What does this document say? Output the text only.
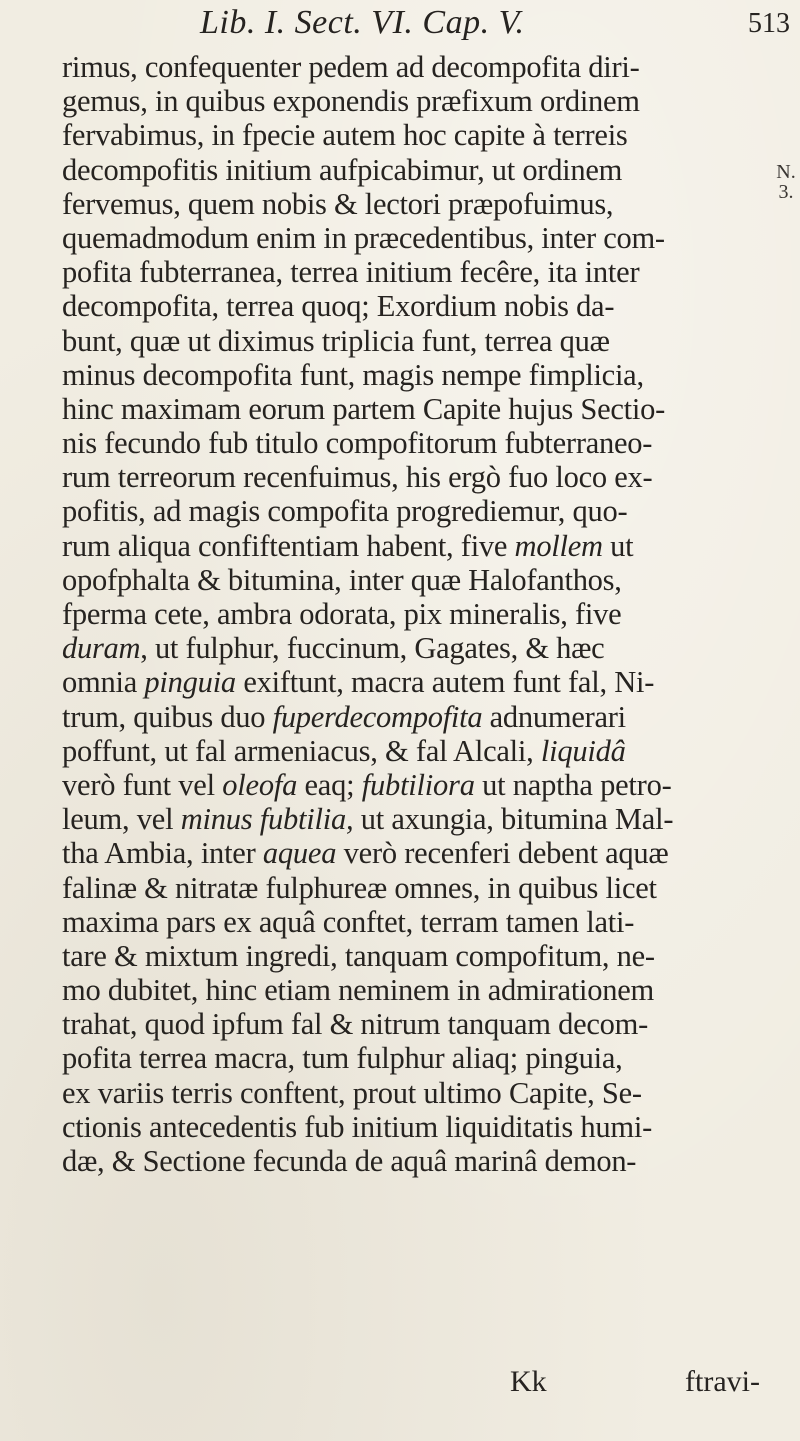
Lib. I. Sect. VI. Cap. V.	513
N.
3.
rimus, confequenter pedem ad decompofita diri-
gemus, in quibus exponendis præfixum ordinem
fervabimus, in fpecie autem hoc capite à terreis
decompofitis initium aufpicabimur, ut ordinem
fervemus, quem nobis & lectori præpofuimus,
quemadmodum enim in præcedentibus, inter com-
pofita fubterranea, terrea initium fecêre, ita inter
decompofita, terrea quoq; Exordium nobis da-
bunt, quæ ut diximus triplicia funt, terrea quæ
minus decompofita funt, magis nempe fimplicia,
hinc maximam eorum partem Capite hujus Sectio-
nis fecundo fub titulo compofitorum fubterraneo-
rum terreorum recenfuimus, his ergò fuo loco ex-
pofitis, ad magis compofita progrediemur, quo-
rum aliqua confiftentiam habent, five mollem ut
opofphalta & bitumina, inter quæ Halofanthos,
fperma cete, ambra odorata, pix mineralis, five
duram, ut fulphur, fuccinum, Gagates, & hæc
omnia pinguia exiftunt, macra autem funt fal, Ni-
trum, quibus duo fuperdecompofita adnumerari
poffunt, ut fal armeniacus, & fal Alcali, liquidâ
verò funt vel oleofa eaq; fubtiliora ut naptha petro-
leum, vel minus fubtilia, ut axungia, bitumina Mal-
tha Ambia, inter aquea verò recenferi debent aquæ
falinæ & nitratæ fulphureæ omnes, in quibus licet
maxima pars ex aquâ conftet, terram tamen lati-
tare & mixtum ingredi, tanquam compofitum, ne-
mo dubitet, hinc etiam neminem in admirationem
trahat, quod ipfum fal & nitrum tanquam decom-
pofita terrea macra, tum fulphur aliaq; pinguia,
ex variis terris conftent, prout ultimo Capite, Se-
ctionis antecedentis fub initium liquiditatis humi-
dæ, & Sectione fecunda de aquâ marinâ demon-
Kk	ftravi-
